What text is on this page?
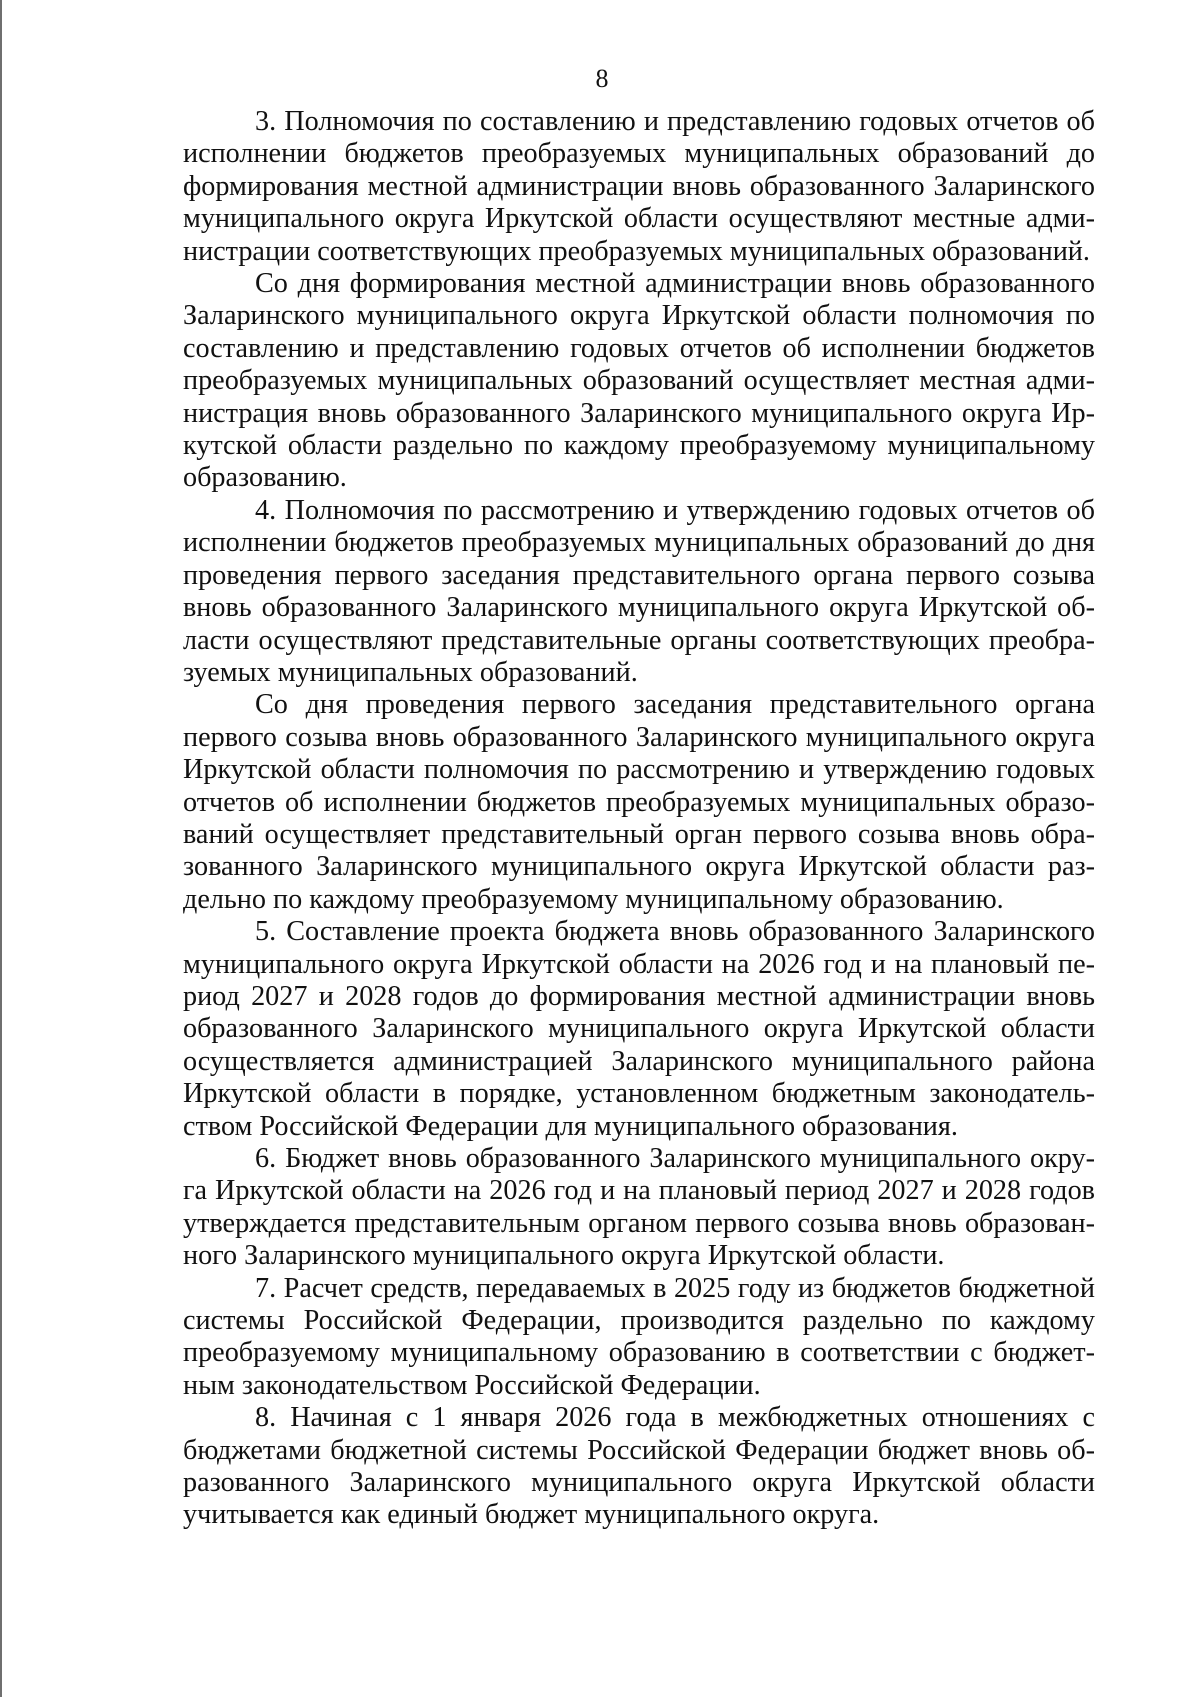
8

3. Полномочия по составлению и представлению годовых отчетов об исполнении бюджетов преобразуемых муниципальных образований до формирования местной администрации вновь образованного Заларинского муниципального округа Иркутской области осуществляют местные администрации соответствующих преобразуемых муниципальных образований.

Со дня формирования местной администрации вновь образованного Заларинского муниципального округа Иркутской области полномочия по составлению и представлению годовых отчетов об исполнении бюджетов преобразуемых муниципальных образований осуществляет местная администрация вновь образованного Заларинского муниципального округа Иркутской области раздельно по каждому преобразуемому муниципальному образованию.

4. Полномочия по рассмотрению и утверждению годовых отчетов об исполнении бюджетов преобразуемых муниципальных образований до дня проведения первого заседания представительного органа первого созыва вновь образованного Заларинского муниципального округа Иркутской области осуществляют представительные органы соответствующих преобразуемых муниципальных образований.

Со дня проведения первого заседания представительного органа первого созыва вновь образованного Заларинского муниципального округа Иркутской области полномочия по рассмотрению и утверждению годовых отчетов об исполнении бюджетов преобразуемых муниципальных образований осуществляет представительный орган первого созыва вновь образованного Заларинского муниципального округа Иркутской области раздельно по каждому преобразуемому муниципальному образованию.

5. Составление проекта бюджета вновь образованного Заларинского муниципального округа Иркутской области на 2026 год и на плановый период 2027 и 2028 годов до формирования местной администрации вновь образованного Заларинского муниципального округа Иркутской области осуществляется администрацией Заларинского муниципального района Иркутской области в порядке, установленном бюджетным законодательством Российской Федерации для муниципального образования.

6. Бюджет вновь образованного Заларинского муниципального округа Иркутской области на 2026 год и на плановый период 2027 и 2028 годов утверждается представительным органом первого созыва вновь образованного Заларинского муниципального округа Иркутской области.

7. Расчет средств, передаваемых в 2025 году из бюджетов бюджетной системы Российской Федерации, производится раздельно по каждому преобразуемому муниципальному образованию в соответствии с бюджетным законодательством Российской Федерации.

8. Начиная с 1 января 2026 года в межбюджетных отношениях с бюджетами бюджетной системы Российской Федерации бюджет вновь образованного Заларинского муниципального округа Иркутской области учитывается как единый бюджет муниципального округа.
